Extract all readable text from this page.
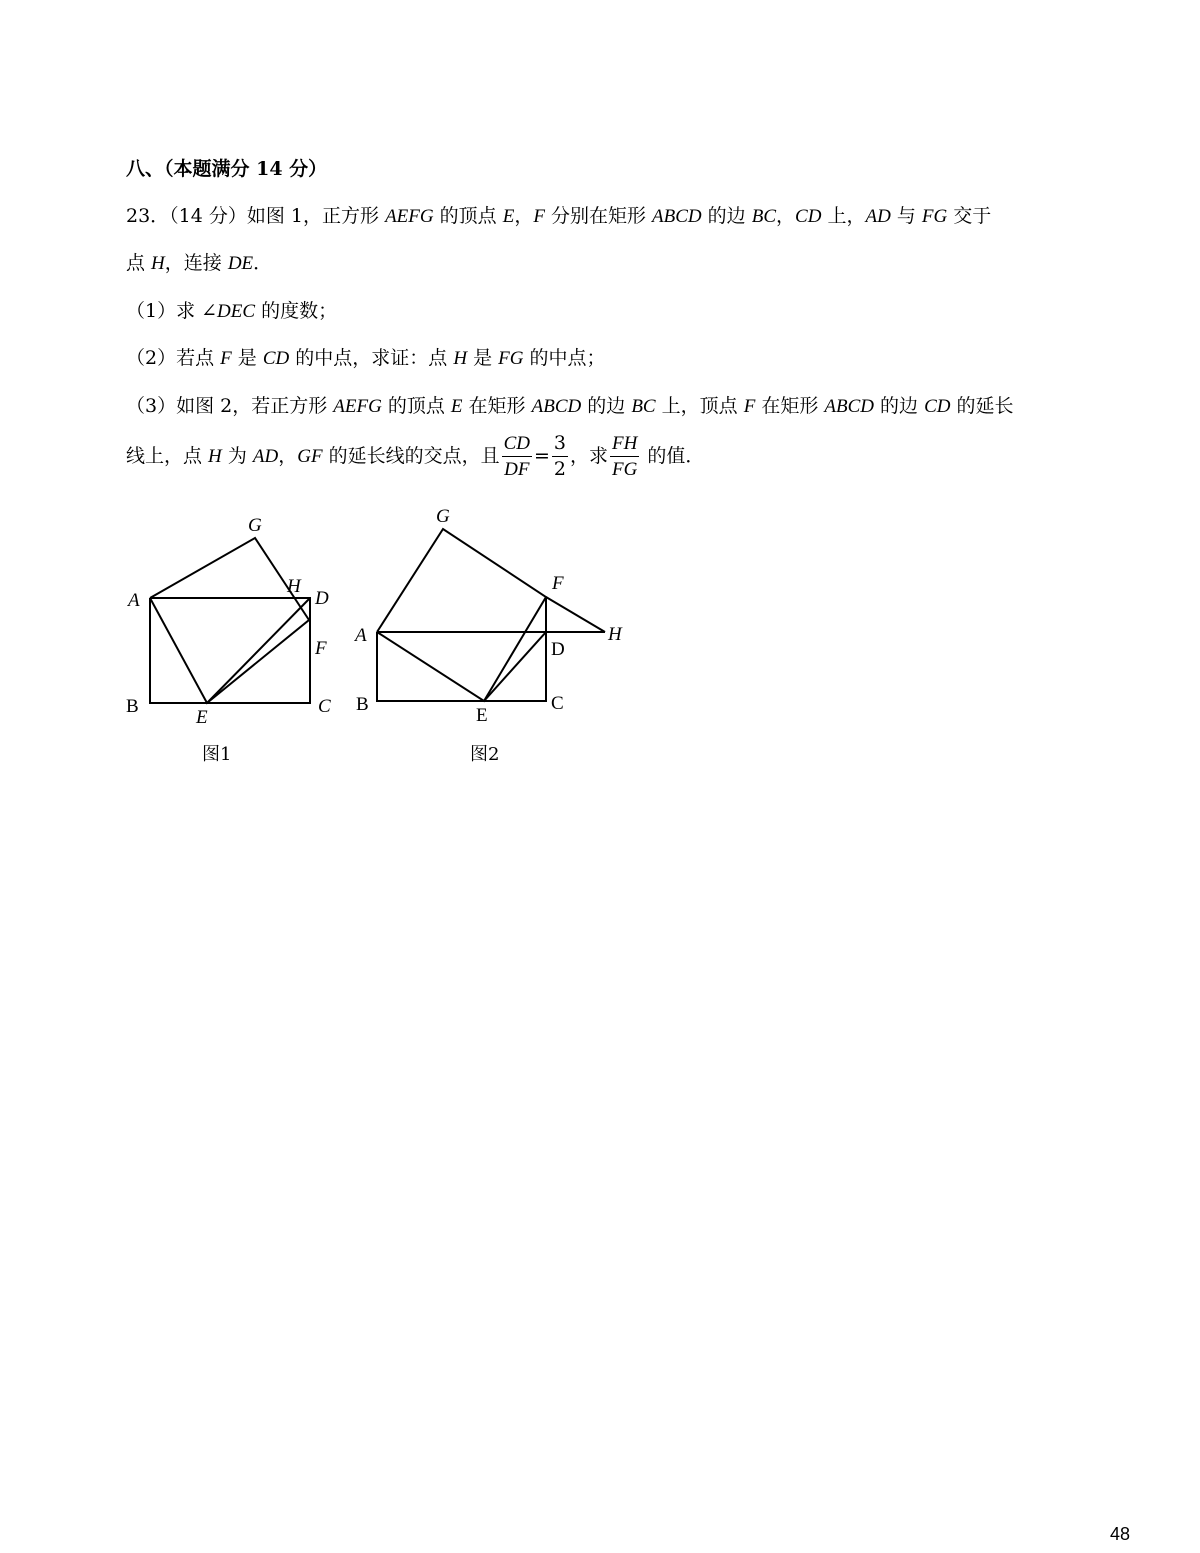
八、（本题满分 14 分）
23．（14 分）如图 1，正方形 AEFG 的顶点 E，F 分别在矩形 ABCD 的边 BC，CD 上，AD 与 FG 交于
点 H，连接 DE．
（1）求 ∠DEC 的度数；
（2）若点 F 是 CD 的中点，求证：点 H 是 FG 的中点；
（3）如图 2，若正方形 AEFG 的顶点 E 在矩形 ABCD 的边 BC 上，顶点 F 在矩形 ABCD 的边 CD 的延长
线上，点 H 为 AD，GF 的延长线的交点，且 $\frac{CD}{DF} = \frac{3}{2}$ ，求 $\frac{FH}{FG}$ 的值．
A
B	C
D
E
F
G
H
A
B	C
D
E
F
G
H
图1	图2
48
